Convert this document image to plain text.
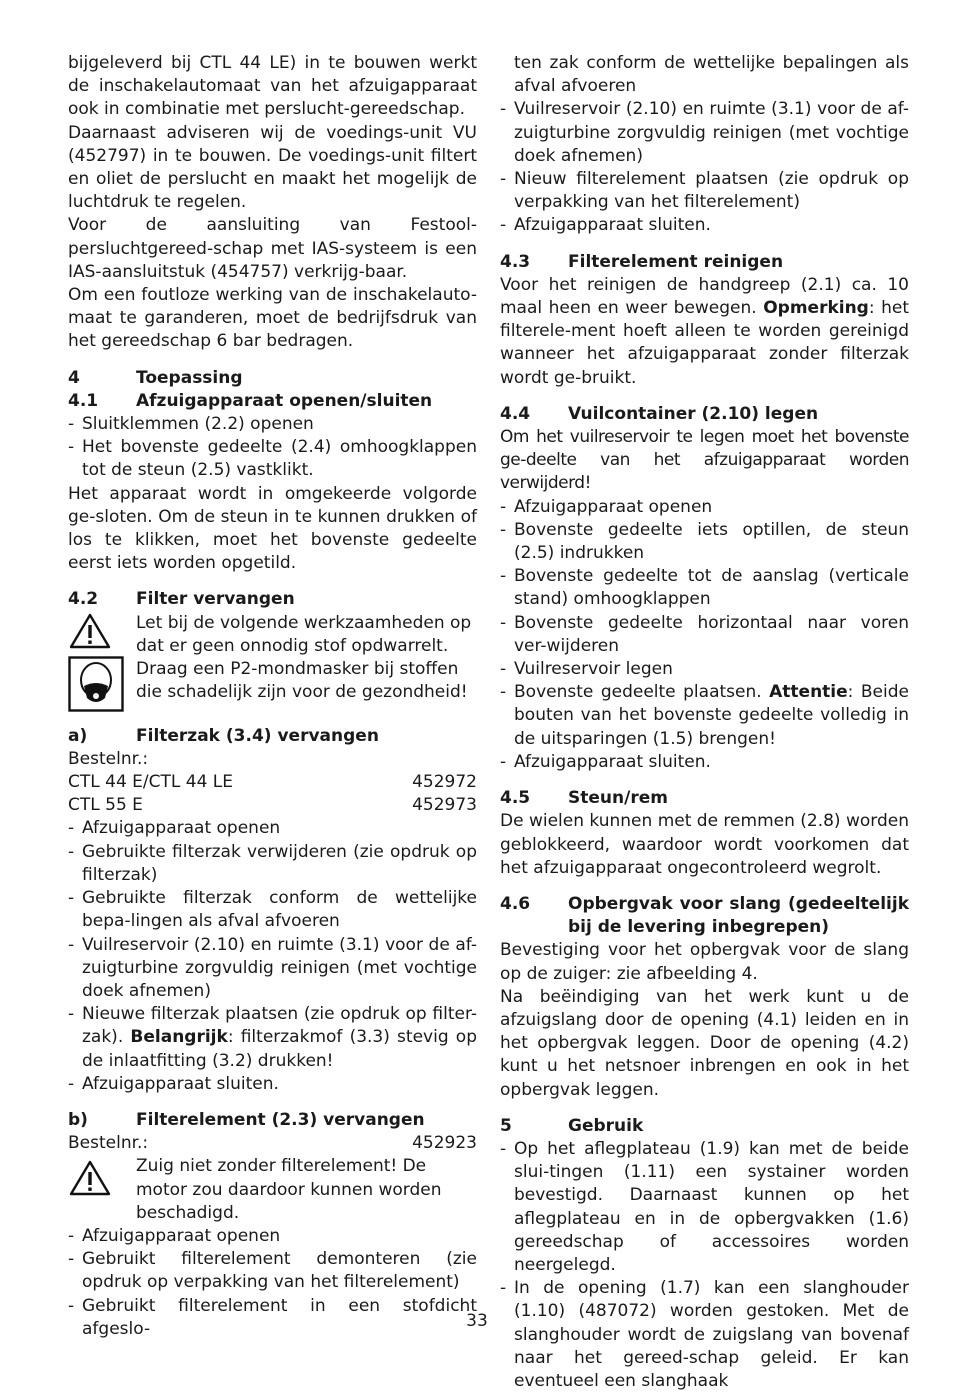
bijgeleverd bij CTL 44 LE) in te bouwen werkt de inschakelautomaat van het afzuigapparaat ook in combinatie met perslucht-gereedschap.

Daarnaast adviseren wij de voedings-unit VU (452797) in te bouwen. De voedings-unit filtert en oliet de perslucht en maakt het mogelijk de luchtdruk te regelen.

Voor de aansluiting van Festool-persluchtgereed-schap met IAS-systeem is een IAS-aansluitstuk (454757) verkrijg-baar.

Om een foutloze werking van de inschakelauto-maat te garanderen, moet de bedrijfsdruk van het gereedschap 6 bar bedragen.

4	Toepassing
4.1	Afzuigapparaat openen/sluiten
- Sluitklemmen (2.2) openen
- Het bovenste gedeelte (2.4) omhoogklappen tot de steun (2.5) vastklikt.

Het apparaat wordt in omgekeerde volgorde ge-sloten. Om de steun in te kunnen drukken of los te klikken, moet het bovenste gedeelte eerst iets worden opgetild.

4.2	Filter vervangen

Let bij de volgende werkzaamheden op dat er geen onnodig stof opdwarrelt. Draag een P2-mondmasker bij stoffen die schadelijk zijn voor de gezondheid!

a)	Filterzak (3.4) vervangen

Bestelnr.:

CTL 44 E/CTL 44 LE	452972
CTL 55 E	452973
- Afzuigapparaat openen
- Gebruikte filterzak verwijderen (zie opdruk op filterzak)
- Gebruikte filterzak conform de wettelijke bepa-lingen als afval afvoeren
- Vuilreservoir (2.10) en ruimte (3.1) voor de af-zuigturbine zorgvuldig reinigen (met vochtige doek afnemen)
- Nieuwe filterzak plaatsen (zie opdruk op filter-zak). Belangrijk: filterzakmof (3.3) stevig op de inlaatfitting (3.2) drukken!
- Afzuigapparaat sluiten.
b)	Filterelement (2.3) vervangen
Bestelnr.:	452923

Zuig niet zonder filterelement! De motor zou daardoor kunnen worden beschadigd.

- Afzuigapparaat openen
- Gebruikt filterelement demonteren (zie opdruk op verpakking van het filterelement)
- Gebruikt filterelement in een stofdicht afgeslo-
ten zak conform de wettelijke bepalingen als afval afvoeren
- Vuilreservoir (2.10) en ruimte (3.1) voor de af-zuigturbine zorgvuldig reinigen (met vochtige doek afnemen)
- Nieuw filterelement plaatsen (zie opdruk op verpakking van het filterelement)
- Afzuigapparaat sluiten.
4.3	Filterelement reinigen

Voor het reinigen de handgreep (2.1) ca. 10 maal heen en weer bewegen. Opmerking: het filterele-ment hoeft alleen te worden gereinigd wanneer het afzuigapparaat zonder filterzak wordt ge-bruikt.

4.4	Vuilcontainer (2.10) legen

Om het vuilreservoir te legen moet het bovenste ge-deelte van het afzuigapparaat worden verwijderd!

- Afzuigapparaat openen
- Bovenste gedeelte iets optillen, de steun (2.5) indrukken
- Bovenste gedeelte tot de aanslag (verticale stand) omhoogklappen
- Bovenste gedeelte horizontaal naar voren ver-wijderen
- Vuilreservoir legen
- Bovenste gedeelte plaatsen. Attentie: Beide bouten van het bovenste gedeelte volledig in de uitsparingen (1.5) brengen!
- Afzuigapparaat sluiten.
4.5	Steun/rem

De wielen kunnen met de remmen (2.8) worden geblokkeerd, waardoor wordt voorkomen dat het afzuigapparaat ongecontroleerd wegrolt.

4.6	Opbergvak voor slang (gedeeltelijk bij de levering inbegrepen)

Bevestiging voor het opbergvak voor de slang op de zuiger: zie afbeelding 4.

Na beëindiging van het werk kunt u de afzuigslang door de opening (4.1) leiden en in het opbergvak leggen. Door de opening (4.2) kunt u het netsnoer inbrengen en ook in het opbergvak leggen.

5	Gebruik
- Op het aflegplateau (1.9) kan met de beide slui-tingen (1.11) een systainer worden bevestigd. Daarnaast kunnen op het aflegplateau en in de opbergvakken (1.6) gereedschap of accessoires worden neergelegd.
- In de opening (1.7) kan een slanghouder (1.10) (487072) worden gestoken. Met de slanghouder wordt de zuigslang van bovenaf naar het gereed-schap geleid. Er kan eventueel een slanghaak
33
